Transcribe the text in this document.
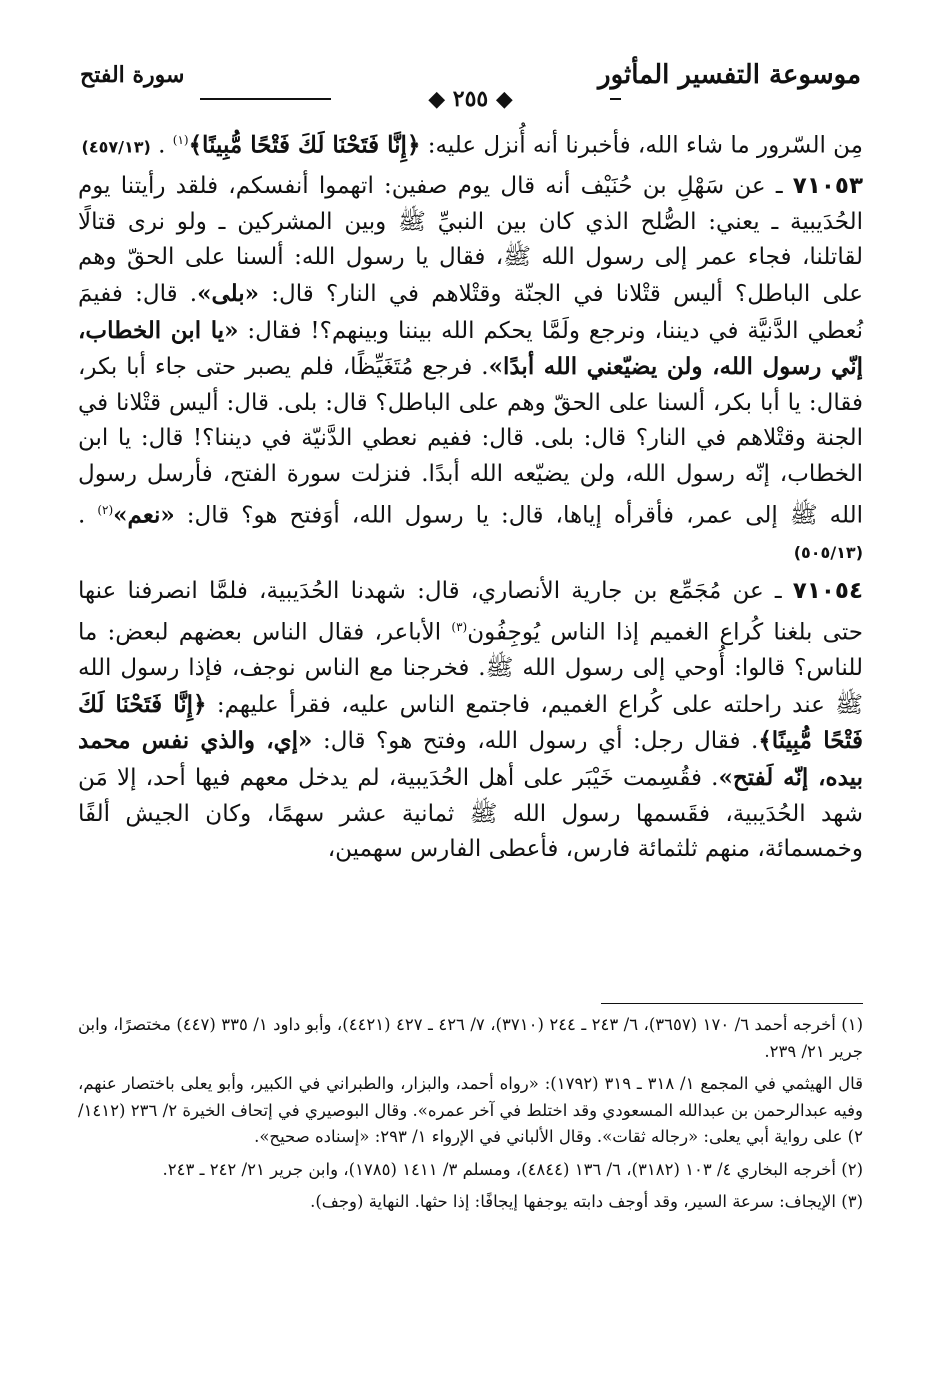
موسوعة التفسير المأثور
◆ ٢٥٥ ◆
سورة الفتح

مِن السّرور ما شاء الله، فأخبرنا أنه أُنزل عليه: ﴿إِنَّا فَتَحْنَا لَكَ فَتْحًا مُّبِينًا﴾$^{(١)}$ . (٤٥٧/١٣)

٧١٠٥٣ ـ عن سَهْلِ بن حُنَيْف أنه قال يوم صفين: اتهموا أنفسكم، فلقد رأيتنا يوم الحُدَيبية ـ يعني: الصُّلح الذي كان بين النبيِّ ﷺ وبين المشركين ـ ولو نرى قتالًا لقاتلنا، فجاء عمر إلى رسول الله ﷺ، فقال يا رسول الله: ألسنا على الحقّ وهم على الباطل؟ أليس قتْلانا في الجنّة وقتْلاهم في النار؟ قال: «بلى». قال: ففيمَ نُعطي الدَّنيَّة في ديننا، ونرجع ولَمَّا يحكم الله بيننا وبينهم؟! فقال: «يا ابن الخطاب، إنّي رسول الله، ولن يضيّعني الله أبدًا». فرجع مُتَغَيِّظًا، فلم يصبر حتى جاء أبا بكر، فقال: يا أبا بكر، ألسنا على الحقّ وهم على الباطل؟ قال: بلى. قال: أليس قتْلانا في الجنة وقتْلاهم في النار؟ قال: بلى. قال: ففيم نعطي الدَّنيّة في ديننا؟! قال: يا ابن الخطاب، إنّه رسول الله، ولن يضيّعه الله أبدًا. فنزلت سورة الفتح، فأرسل رسول الله ﷺ إلى عمر، فأقرأه إياها، قال: يا رسول الله، أوَفتح هو؟ قال: «نعم»$^{(٢)}$ . (٥٠٥/١٣)

٧١٠٥٤ ـ عن مُجَمِّع بن جارية الأنصاري، قال: شهدنا الحُدَيبية، فلمَّا انصرفنا عنها حتى بلغنا كُراع الغميم إذا الناس يُوجِفُون$^{(٣)}$ الأباعر، فقال الناس بعضهم لبعض: ما للناس؟ قالوا: أُوحي إلى رسول الله ﷺ. فخرجنا مع الناس نوجف، فإذا رسول الله ﷺ عند راحلته على كُراع الغميم، فاجتمع الناس عليه، فقرأ عليهم: ﴿إِنَّا فَتَحْنَا لَكَ فَتْحًا مُّبِينًا﴾. فقال رجل: أي رسول الله، وفتح هو؟ قال: «إي، والذي نفس محمد بيده، إنّه لَفتح». فقُسِمت خَيْبَر على أهل الحُدَيبية، لم يدخل معهم فيها أحد، إلا مَن شهد الحُدَيبية، فقَسمها رسول الله ﷺ ثمانية عشر سهمًا، وكان الجيش ألفًا وخمسمائة، منهم ثلثمائة فارس، فأعطى الفارس سهمين،

(١) أخرجه أحمد ٦/ ١٧٠ (٣٦٥٧)، ٦/ ٢٤٣ ـ ٢٤٤ (٣٧١٠)، ٧/ ٤٢٦ ـ ٤٢٧ (٤٤٢١)، وأبو داود ١/ ٣٣٥ (٤٤٧) مختصرًا، وابن جرير ٢١/ ٢٣٩.

قال الهيثمي في المجمع ١/ ٣١٨ ـ ٣١٩ (١٧٩٢): «رواه أحمد، والبزار، والطبراني في الكبير، وأبو يعلى باختصار عنهم، وفيه عبدالرحمن بن عبدالله المسعودي وقد اختلط في آخر عمره». وقال البوصيري في إتحاف الخيرة ٢/ ٢٣٦ (١٤١٢/ ٢) على رواية أبي يعلى: «رجاله ثقات». وقال الألباني في الإرواء ١/ ٢٩٣: «إسناده صحيح».

(٢) أخرجه البخاري ٤/ ١٠٣ (٣١٨٢)، ٦/ ١٣٦ (٤٨٤٤)، ومسلم ٣/ ١٤١١ (١٧٨٥)، وابن جرير ٢١/ ٢٤٢ ـ ٢٤٣.

(٣) الإيجاف: سرعة السير، وقد أوجف دابته يوجفها إيجافًا: إذا حثها. النهاية (وجف).
